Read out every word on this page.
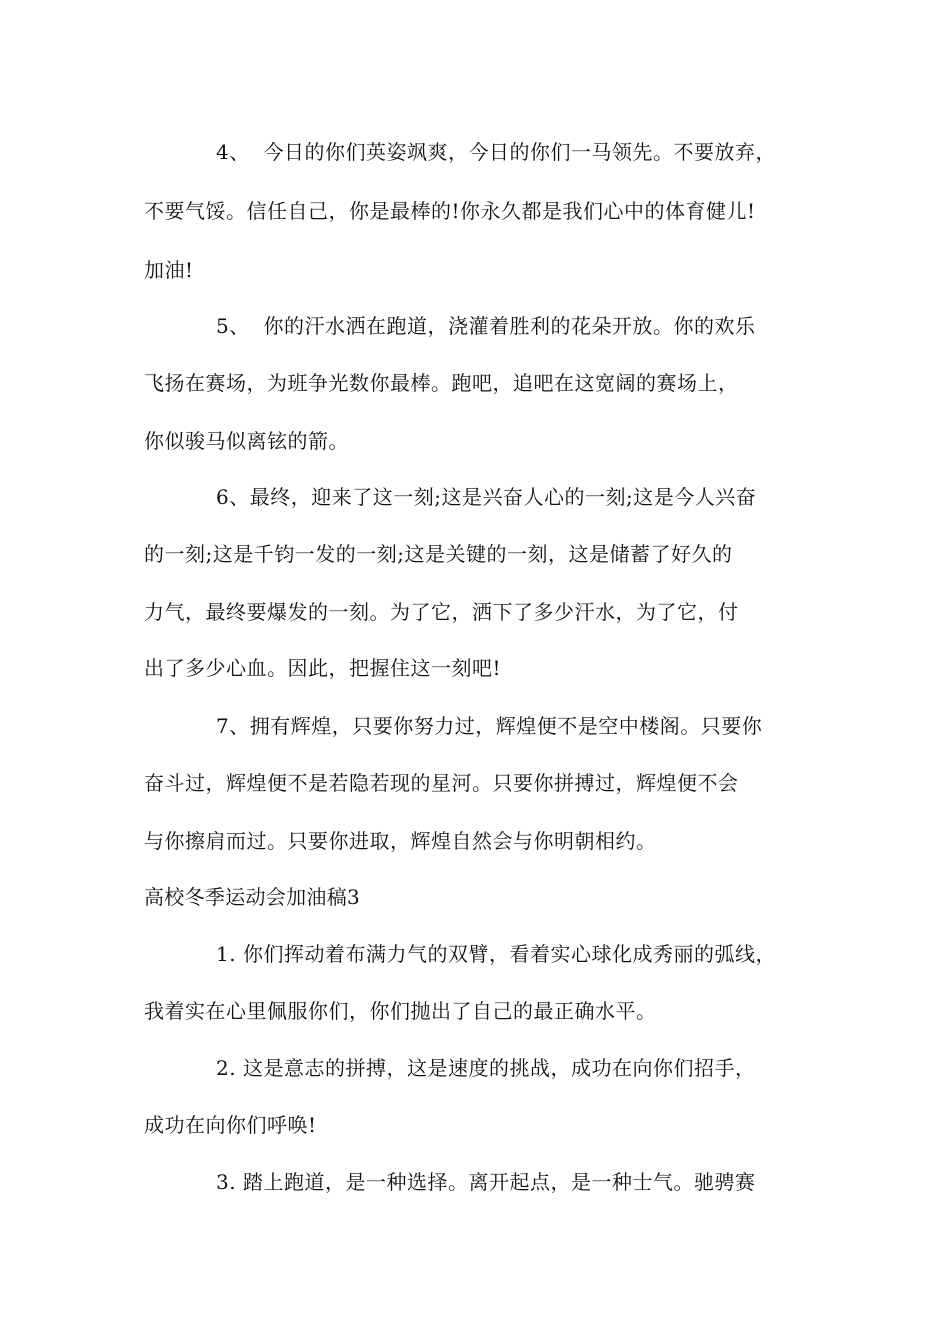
4、  今日的你们英姿飒爽，今日的你们一马领先。不要放弃，
不要气馁。信任自己，你是最棒的!你永久都是我们心中的体育健儿!
加油!
5、  你的汗水洒在跑道，浇灌着胜利的花朵开放。你的欢乐
飞扬在赛场，为班争光数你最棒。跑吧，追吧在这宽阔的赛场上，
你似骏马似离铉的箭。
6、最终，迎来了这一刻;这是兴奋人心的一刻;这是今人兴奋
的一刻;这是千钧一发的一刻;这是关键的一刻，这是储蓄了好久的
力气，最终要爆发的一刻。为了它，洒下了多少汗水，为了它，付
出了多少心血。因此，把握住这一刻吧!
7、拥有辉煌，只要你努力过，辉煌便不是空中楼阁。只要你
奋斗过，辉煌便不是若隐若现的星河。只要你拼搏过，辉煌便不会
与你擦肩而过。只要你进取，辉煌自然会与你明朝相约。
高校冬季运动会加油稿3
1. 你们挥动着布满力气的双臂，看着实心球化成秀丽的弧线，
我着实在心里佩服你们，你们抛出了自己的最正确水平。
2. 这是意志的拼搏，这是速度的挑战，成功在向你们招手，
成功在向你们呼唤!
3. 踏上跑道，是一种选择。离开起点，是一种士气。驰骋赛
